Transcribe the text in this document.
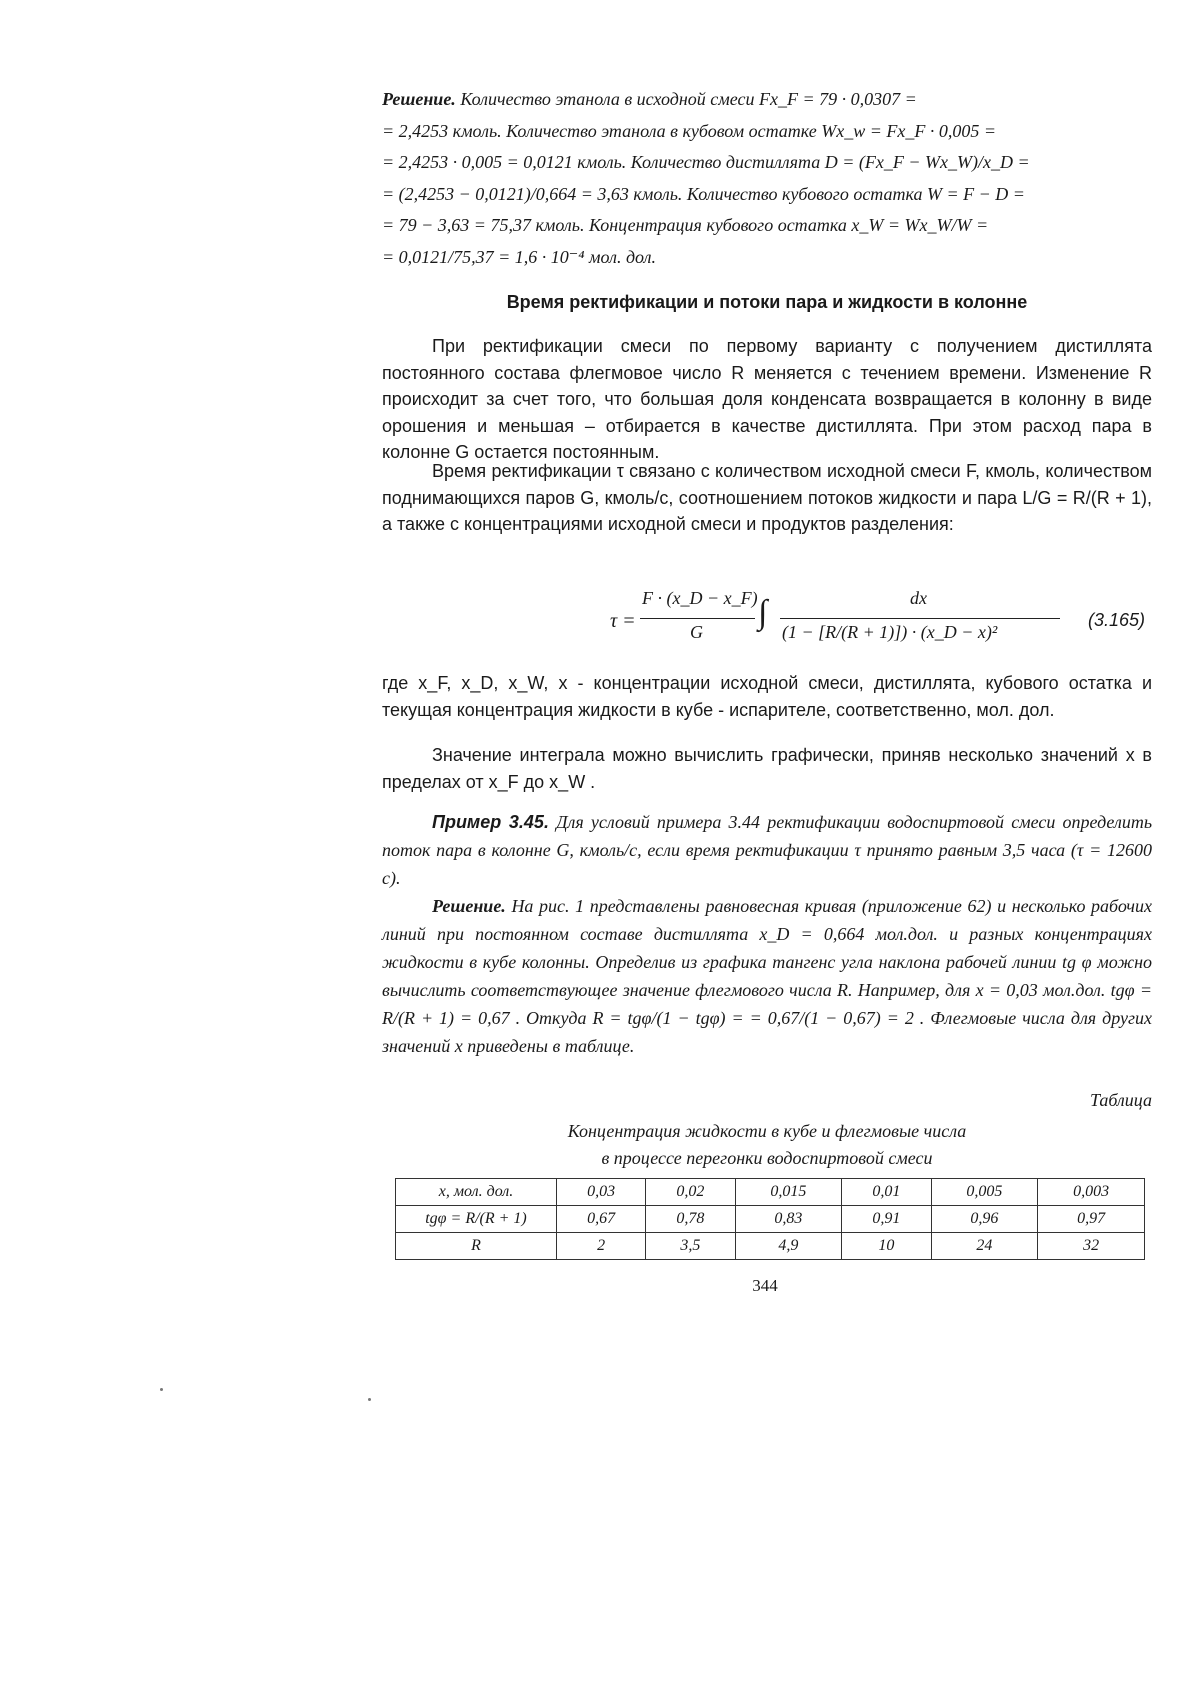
Решение. Количество этанола в исходной смеси Fx_F = 79 · 0,0307 =
= 2,4253 кмоль. Количество этанола в кубовом остатке Wx_w = Fx_F · 0,005 =
= 2,4253 · 0,005 = 0,0121 кмоль. Количество дистиллята D = (Fx_F − Wx_W)/x_D =
= (2,4253 − 0,0121)/0,664 = 3,63 кмоль. Количество кубового остатка W = F − D =
= 79 − 3,63 = 75,37 кмоль. Концентрация кубового остатка x_W = Wx_W/W =
= 0,0121/75,37 = 1,6 · 10⁻⁴ мол. дол.
Время ректификации и потоки пара и жидкости в колонне
При ректификации смеси по первому варианту с получением дистиллята постоянного состава флегмовое число R меняется с течением времени. Изменение R происходит за счет того, что большая доля конденсата возвращается в колонну в виде орошения и меньшая – отбирается в качестве дистиллята. При этом расход пара в колонне G остается постоянным.
Время ректификации τ связано с количеством исходной смеси F, кмоль, количеством поднимающихся паров G, кмоль/с, соотношением потоков жидкости и пара L/G = R/(R + 1), а также с концентрациями исходной смеси и продуктов разделения:
τ =
F · (x_D − x_F)
G
∫	dx
(1 − [R/(R + 1)]) · (x_D − x)²
(3.165)
где x_F, x_D, x_W, x - концентрации исходной смеси, дистиллята, кубового остатка и текущая концентрация жидкости в кубе - испарителе, соответственно, мол. дол.
Значение интеграла можно вычислить графически, приняв несколько значений x в пределах от x_F до x_W .
Пример 3.45. Для условий примера 3.44 ректификации водоспиртовой смеси определить поток пара в колонне G, кмоль/с, если время ректификации τ принято равным 3,5 часа (τ = 12600 с).
Решение. На рис. 1 представлены равновесная кривая (приложение 62) и несколько рабочих линий при постоянном составе дистиллята x_D = 0,664 мол.дол. и разных концентрациях жидкости в кубе колонны. Определив из графика тангенс угла наклона рабочей линии tg φ можно вычислить соответствующее значение флегмового числа R. Например, для x = 0,03 мол.дол. tgφ = R/(R + 1) = 0,67 . Откуда R = tgφ/(1 − tgφ) = = 0,67/(1 − 0,67) = 2 . Флегмовые числа для других значений x приведены в таблице.
Таблица
Концентрация жидкости в кубе и флегмовые числа
в процессе перегонки водоспиртовой смеси
x, мол. дол.	0,03	0,02	0,015	0,01	0,005	0,003
tgφ = R/(R + 1)	0,67	0,78	0,83	0,91	0,96	0,97
R	2	3,5	4,9	10	24	32
344
